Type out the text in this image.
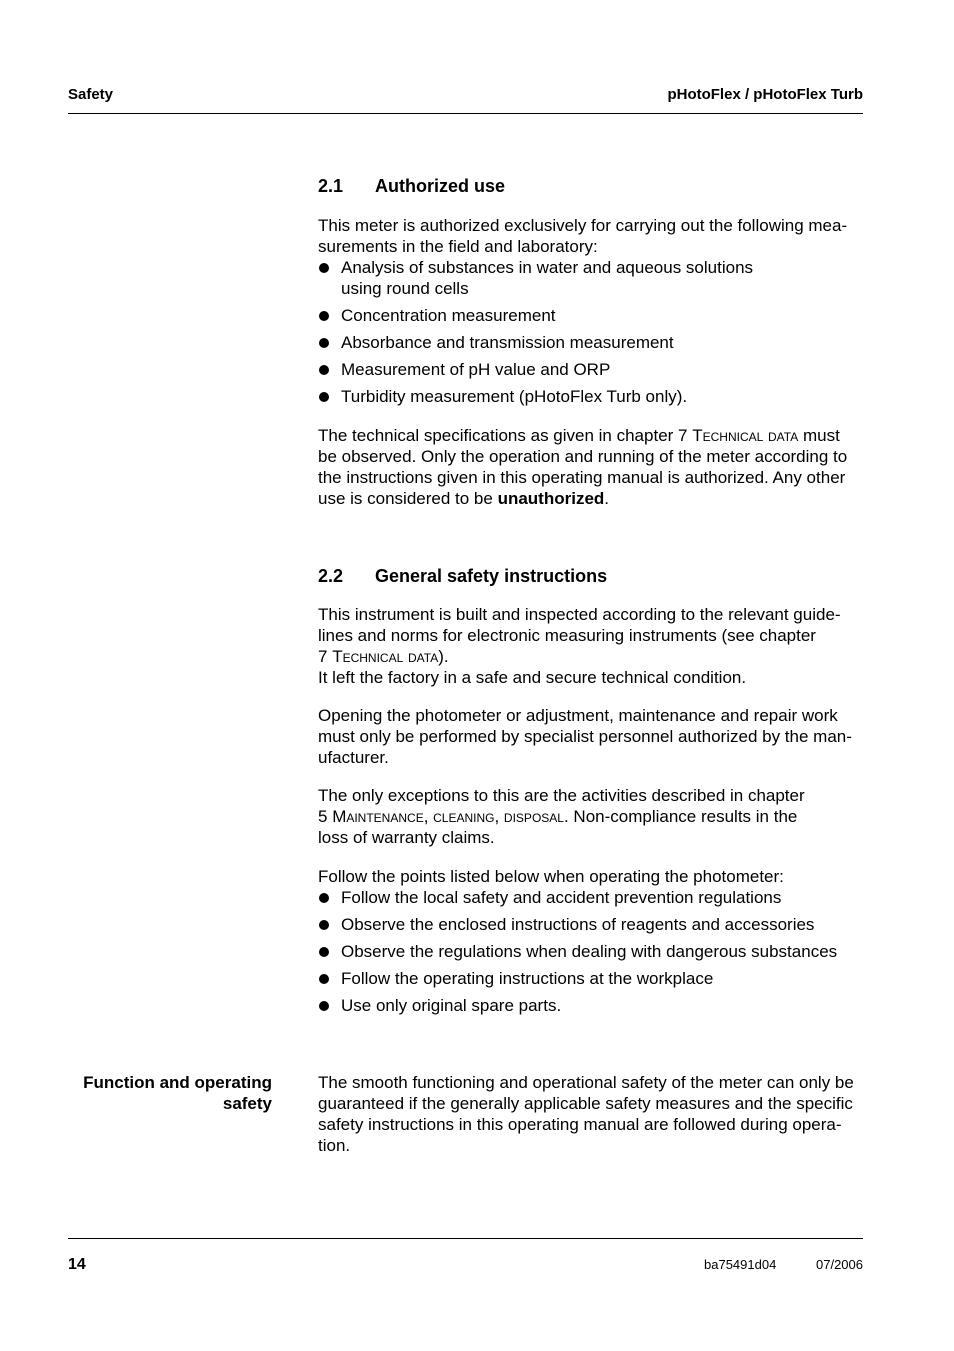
Safety	pHotoFlex / pHotoFlex Turb
2.1 Authorized use

This meter is authorized exclusively for carrying out the following mea-
surements in the field and laboratory:

Analysis of substances in water and aqueous solutions
using round cells
Concentration measurement
Absorbance and transmission measurement
Measurement of pH value and ORP
Turbidity measurement (pHotoFlex Turb only).
The technical specifications as given in chapter 7 Technical data must
be observed. Only the operation and running of the meter according to
the instructions given in this operating manual is authorized. Any other
use is considered to be unauthorized.
2.2 General safety instructions
This instrument is built and inspected according to the relevant guide-
lines and norms for electronic measuring instruments (see chapter
7 Technical data).
It left the factory in a safe and secure technical condition.
Opening the photometer or adjustment, maintenance and repair work
must only be performed by specialist personnel authorized by the man-
ufacturer.
The only exceptions to this are the activities described in chapter
5 Maintenance, cleaning, disposal. Non-compliance results in the
loss of warranty claims.

Follow the points listed below when operating the photometer:

Follow the local safety and accident prevention regulations
Observe the enclosed instructions of reagents and accessories
Observe the regulations when dealing with dangerous substances
Follow the operating instructions at the workplace
Use only original spare parts.
Function and operating
safety
The smooth functioning and operational safety of the meter can only be
guaranteed if the generally applicable safety measures and the specific
safety instructions in this operating manual are followed during opera-
tion.
14	ba75491d04	07/2006
